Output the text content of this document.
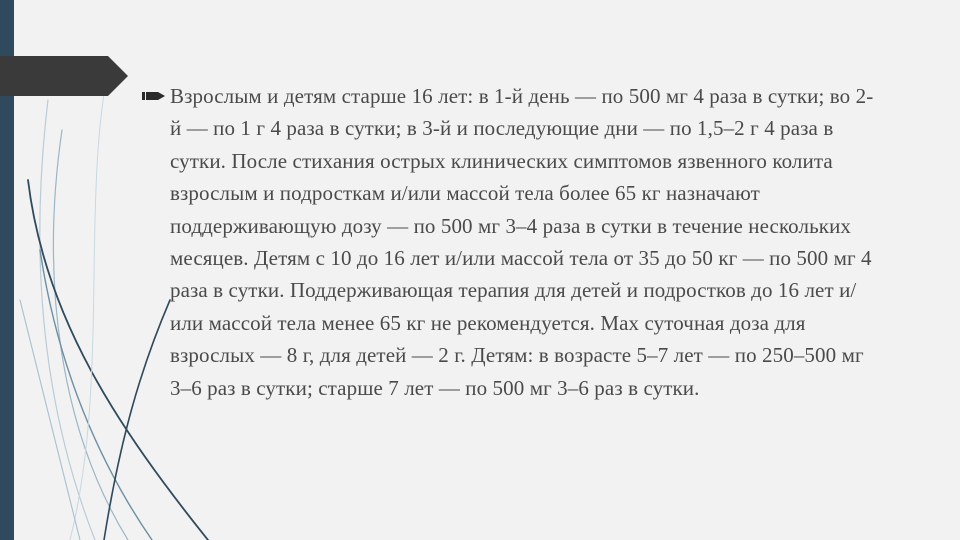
Взрослым и детям старше 16 лет: в 1-й день — по 500 мг 4 раза в сутки; во 2-й — по 1 г 4 раза в сутки; в 3-й и последующие дни — по 1,5–2 г 4 раза в сутки. После стихания острых клинических симптомов язвенного колита взрослым и подросткам и/или массой тела более 65 кг назначают поддерживающую дозу — по 500 мг 3–4 раза в сутки в течение нескольких месяцев. Детям с 10 до 16 лет и/или массой тела от 35 до 50 кг — по 500 мг 4 раза в сутки. Поддерживающая терапия для детей и подростков до 16 лет и/или массой тела менее 65 кг не рекомендуется. Мах суточная доза для взрослых — 8 г, для детей — 2 г. Детям: в возрасте 5–7 лет — по 250–500 мг 3–6 раз в сутки; старше 7 лет — по 500 мг 3–6 раз в сутки.
